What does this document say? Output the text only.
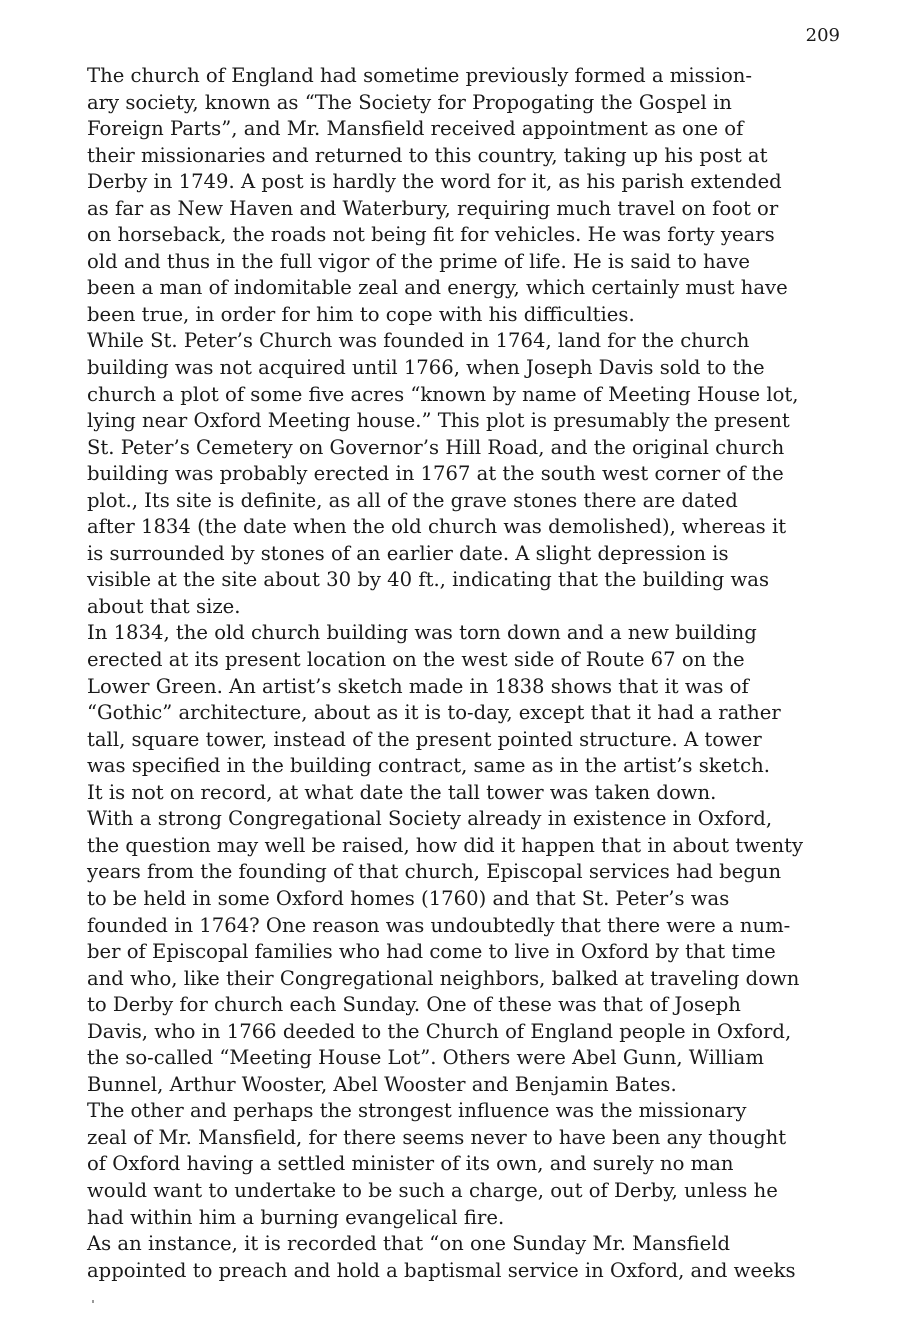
209

The church of England had sometime previously formed a mission-
ary society, known as “The Society for Propogating the Gospel in
Foreign Parts”, and Mr. Mansfield received appointment as one of
their missionaries and returned to this country, taking up his post at
Derby in 1749. A post is hardly the word for it, as his parish extended
as far as New Haven and Waterbury, requiring much travel on foot or
on horseback, the roads not being fit for vehicles. He was forty years
old and thus in the full vigor of the prime of life. He is said to have
been a man of indomitable zeal and energy, which certainly must have
been true, in order for him to cope with his difficulties.

While St. Peter’s Church was founded in 1764, land for the church
building was not acquired until 1766, when Joseph Davis sold to the
church a plot of some five acres “known by name of Meeting House lot,
lying near Oxford Meeting house.” This plot is presumably the present
St. Peter’s Cemetery on Governor’s Hill Road, and the original church
building was probably erected in 1767 at the south west corner of the
plot., Its site is definite, as all of the grave stones there are dated
after 1834 (the date when the old church was demolished), whereas it
is surrounded by stones of an earlier date. A slight depression is
visible at the site about 30 by 40 ft., indicating that the building was
about that size.

In 1834, the old church building was torn down and a new building
erected at its present location on the west side of Route 67 on the
Lower Green. An artist’s sketch made in 1838 shows that it was of
“Gothic” architecture, about as it is to-day, except that it had a rather
tall, square tower, instead of the present pointed structure. A tower
was specified in the building contract, same as in the artist’s sketch.
It is not on record, at what date the tall tower was taken down.

With a strong Congregational Society already in existence in Oxford,
the question may well be raised, how did it happen that in about twenty
years from the founding of that church, Episcopal services had begun
to be held in some Oxford homes (1760) and that St. Peter’s was
founded in 1764? One reason was undoubtedly that there were a num-
ber of Episcopal families who had come to live in Oxford by that time
and who, like their Congregational neighbors, balked at traveling down
to Derby for church each Sunday. One of these was that of Joseph
Davis, who in 1766 deeded to the Church of England people in Oxford,
the so-called “Meeting House Lot”. Others were Abel Gunn, William
Bunnel, Arthur Wooster, Abel Wooster and Benjamin Bates.

The other and perhaps the strongest influence was the missionary
zeal of Mr. Mansfield, for there seems never to have been any thought
of Oxford having a settled minister of its own, and surely no man
would want to undertake to be such a charge, out of Derby, unless he
had within him a burning evangelical fire.

As an instance, it is recorded that “on one Sunday Mr. Mansfield
appointed to preach and hold a baptismal service in Oxford, and weeks
